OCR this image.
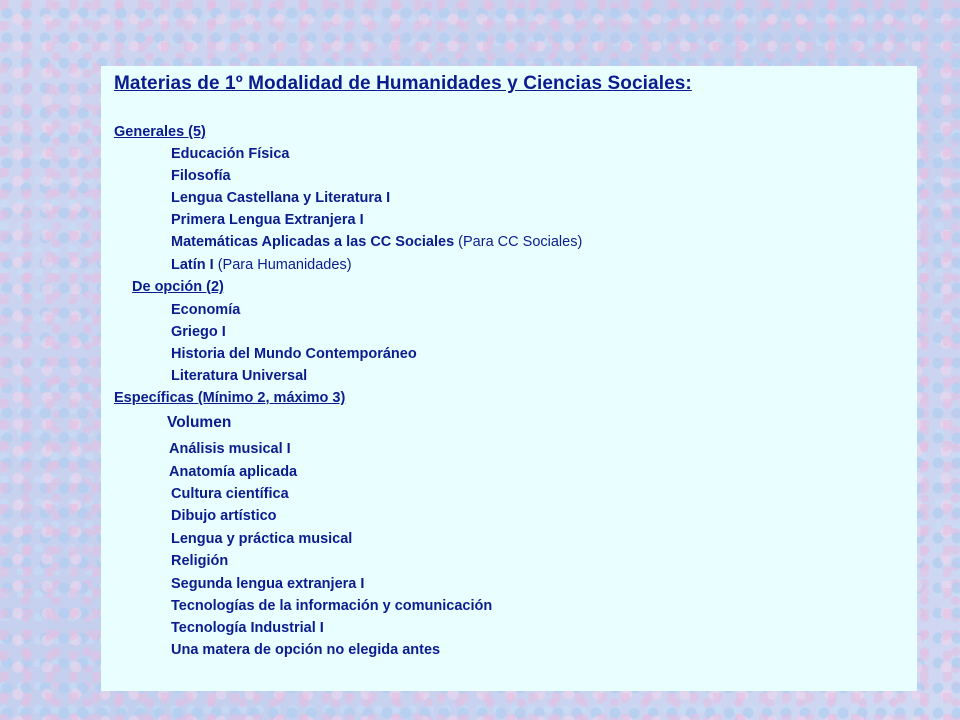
Materias de 1º Modalidad de Humanidades y Ciencias Sociales:
Generales (5)
Educación Física
Filosofía
Lengua Castellana y Literatura I
Primera Lengua Extranjera I
Matemáticas Aplicadas a las CC Sociales (Para CC Sociales)
Latín I (Para Humanidades)
De opción (2)
Economía
Griego I
Historia del Mundo Contemporáneo
Literatura Universal
Específicas (Mínimo 2, máximo 3)
Volumen
Análisis musical I
Anatomía aplicada
Cultura científica
Dibujo artístico
Lengua y práctica musical
Religión
Segunda lengua extranjera I
Tecnologías de la información y comunicación
Tecnología Industrial I
Una matera de opción no elegida antes
